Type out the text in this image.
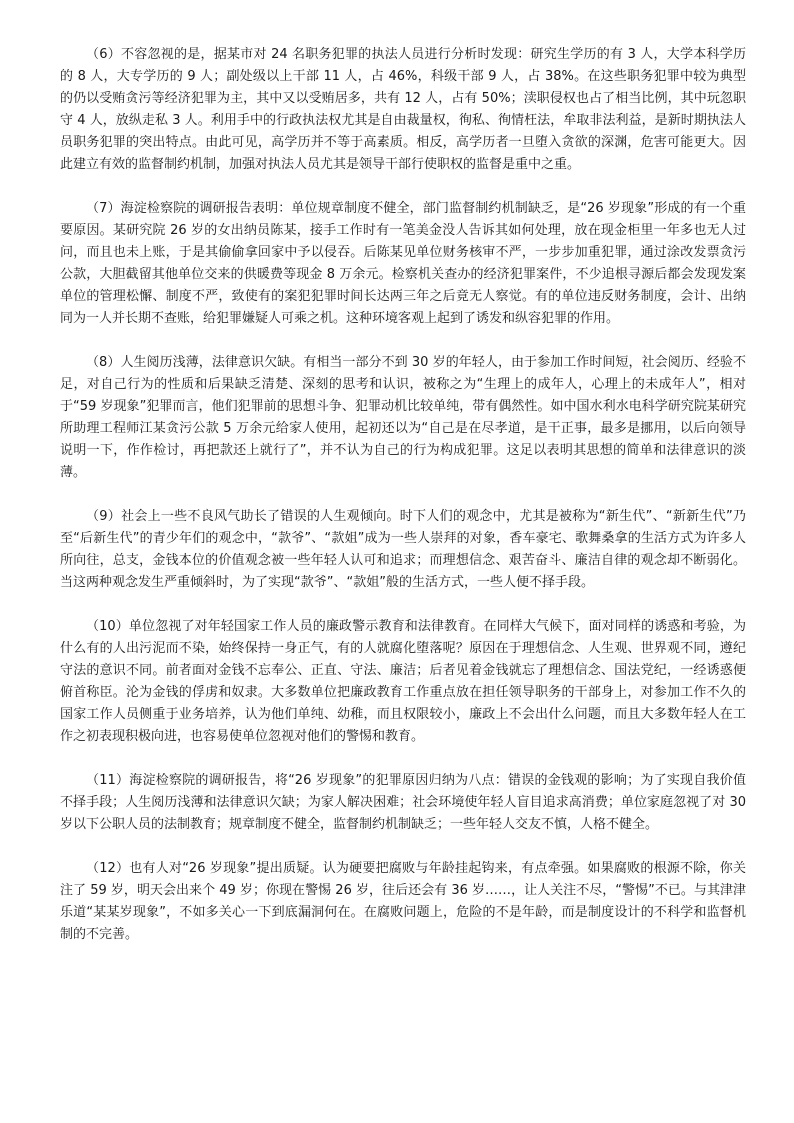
（6）不容忽视的是，据某市对 24 名职务犯罪的执法人员进行分析时发现：研究生学历的有 3 人，大学本科学历的 8 人，大专学历的 9 人；副处级以上干部 11 人，占 46%，科级干部 9 人，占 38%。在这些职务犯罪中较为典型的仍以受贿贪污等经济犯罪为主，其中又以受贿居多，共有 12 人，占有 50%；渎职侵权也占了相当比例，其中玩忽职守 4 人，放纵走私 3 人。利用手中的行政执法权尤其是自由裁量权，徇私、徇情枉法，牟取非法利益，是新时期执法人员职务犯罪的突出特点。由此可见，高学历并不等于高素质。相反，高学历者一旦堕入贪欲的深渊，危害可能更大。因此建立有效的监督制约机制，加强对执法人员尤其是领导干部行使职权的监督是重中之重。

（7）海淀检察院的调研报告表明：单位规章制度不健全，部门监督制约机制缺乏，是“26 岁现象”形成的有一个重要原因。某研究院 26 岁的女出纳员陈某，接手工作时有一笔美金没人告诉其如何处理，放在现金柜里一年多也无人过问，而且也未上账，于是其偷偷拿回家中予以侵吞。后陈某见单位财务核审不严，一步步加重犯罪，通过涂改发票贪污公款，大胆截留其他单位交来的供暖费等现金 8 万余元。检察机关查办的经济犯罪案件，不少追根寻源后都会发现发案单位的管理松懈、制度不严，致使有的案犯犯罪时间长达两三年之后竟无人察觉。有的单位违反财务制度，会计、出纳同为一人并长期不查账，给犯罪嫌疑人可乘之机。这种环境客观上起到了诱发和纵容犯罪的作用。

（8）人生阅历浅薄，法律意识欠缺。有相当一部分不到 30 岁的年轻人，由于参加工作时间短，社会阅历、经验不足，对自己行为的性质和后果缺乏清楚、深刻的思考和认识，被称之为“生理上的成年人，心理上的未成年人”，相对于“59 岁现象”犯罪而言，他们犯罪前的思想斗争、犯罪动机比较单纯，带有偶然性。如中国水利水电科学研究院某研究所助理工程师江某贪污公款 5 万余元给家人使用，起初还以为“自己是在尽孝道，是干正事，最多是挪用，以后向领导说明一下，作作检讨，再把款还上就行了”，并不认为自己的行为构成犯罪。这足以表明其思想的简单和法律意识的淡薄。

（9）社会上一些不良风气助长了错误的人生观倾向。时下人们的观念中，尤其是被称为“新生代”、“新新生代”乃至“后新生代”的青少年们的观念中，“款爷”、“款姐”成为一些人崇拜的对象，香车豪宅、歌舞桑拿的生活方式为许多人所向往，总支，金钱本位的价值观念被一些年轻人认可和追求；而理想信念、艰苦奋斗、廉洁自律的观念却不断弱化。当这两种观念发生严重倾斜时，为了实现“款爷”、“款姐”般的生活方式，一些人便不择手段。

（10）单位忽视了对年轻国家工作人员的廉政警示教育和法律教育。在同样大气候下，面对同样的诱惑和考验，为什么有的人出污泥而不染，始终保持一身正气，有的人就腐化堕落呢？原因在于理想信念、人生观、世界观不同，遵纪守法的意识不同。前者面对金钱不忘奉公、正直、守法、廉洁；后者见着金钱就忘了理想信念、国法党纪，一经诱惑便俯首称臣。沦为金钱的俘虏和奴隶。大多数单位把廉政教育工作重点放在担任领导职务的干部身上，对参加工作不久的国家工作人员侧重于业务培养，认为他们单纯、幼稚，而且权限较小，廉政上不会出什么问题，而且大多数年轻人在工作之初表现积极向进，也容易使单位忽视对他们的警惕和教育。

（11）海淀检察院的调研报告，将“26 岁现象”的犯罪原因归纳为八点：错误的金钱观的影响；为了实现自我价值不择手段；人生阅历浅薄和法律意识欠缺；为家人解决困难；社会环境使年轻人盲目追求高消费；单位家庭忽视了对 30 岁以下公职人员的法制教育；规章制度不健全，监督制约机制缺乏；一些年轻人交友不慎，人格不健全。

（12）也有人对“26 岁现象”提出质疑。认为硬要把腐败与年龄挂起钩来，有点牵强。如果腐败的根源不除，你关注了 59 岁，明天会出来个 49 岁；你现在警惕 26 岁，往后还会有 36 岁……，让人关注不尽，“警惕”不已。与其津津乐道“某某岁现象”，不如多关心一下到底漏洞何在。在腐败问题上，危险的不是年龄，而是制度设计的不科学和监督机制的不完善。
